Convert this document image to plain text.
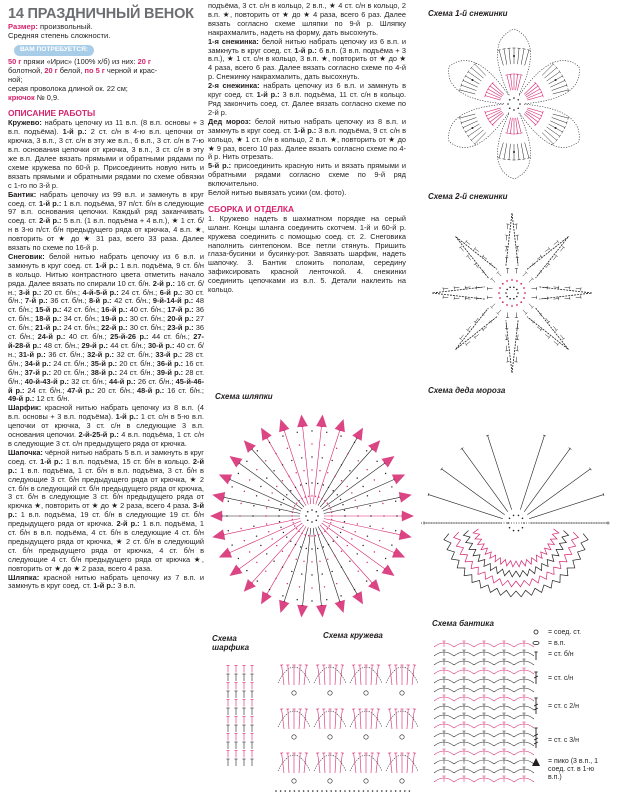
14 ПРАЗДНИЧНЫЙ ВЕНОК
Размер: произвольный.
Средняя степень сложности.
ВАМ ПОТРЕБУЕТСЯ:
50 г пряжи «Ирис» (100% х/б) из них: 20 г
болотной, 20 г белой, по 5 г черной и крас-
ной;
серая проволока длиной ок. 22 см;
крючок № 0,9.
ОПИСАНИЕ РАБОТЫ

Кружево: набрать цепочку из 11 в.п. (8 в.п. основы + 3 в.п. подъёма). 1-й р.: 2 ст. с/н в 4-ю в.п. цепочки от крючка, 3 в.п., 3 ст. с/н в эту же в.п., 6 в.п., 3 ст. с/н в 7-ю в.п. основания цепочки от крючка, 3 в.п., 3 ст. с/н в эту же в.п. Далее вязать прямыми и обратными рядами по схеме кружева по 60-й р. Присоединить новую нить и вязать прямыми и обратными рядами по схеме обвязки с 1-го по 3-й р.

Бантик: набрать цепочку из 99 в.п. и замкнуть в круг соед. ст. 1-й р.: 1 в.п. подъёма, 97 п/ст. б/н в следующие 97 в.п. основания цепочки. Каждый ряд заканчивать соед. ст. 2-й р.: 5 в.п. (1 в.п. подъёма + 4 в.п.), ★ 1 ст. б/н в 3-ю п/ст. б/н предыдущего ряда от крючка, 4 в.п. ★, повторить от ★ до ★ 31 раз, всего 33 раза. Далее вязать по схеме по 16-й р.

Снеговик: белой нитью набрать цепочку из 6 в.п. и замкнуть в круг соед. ст. 1-й р.: 1 в.п. подъёма, 9 ст. б/н в кольцо. Нитью контрастного цвета отметить начало ряда. Далее вязать по спирали 10 ст. б/н. 2-й р.: 16 ст. б/н.; 3-й р.: 20 ст. б/н.; 4-й-5-й р.: 24 ст. б/н.; 6-й р.: 30 ст. б/н.; 7-й р.: 36 ст. б/н.; 8-й р.: 42 ст. б/н.; 9-й-14-й р.: 48 ст. б/н.; 15-й р.: 42 ст. б/н.; 16-й р.: 40 ст. б/н.; 17-й р.: 36 ст. б/н.; 18-й р.: 34 ст. б/н.; 19-й р.: 30 ст. б/н.; 20-й р.: 27 ст. б/н.; 21-й р.: 24 ст. б/н.; 22-й р.: 30 ст. б/н.; 23-й р.: 36 ст. б/н.; 24-й р.: 40 ст. б/н.; 25-й-26 р.: 44 ст. б/н.; 27-й-28-й р.: 48 ст. б/н.; 29-й р.: 44 ст. б/н.; 30-й р.: 40 ст. б/н.; 31-й р.: 36 ст. б/н.; 32-й р.: 32 ст. б/н.; 33-й р.: 28 ст. б/н.; 34-й р.: 24 ст. б/н.; 35-й р.: 20 ст. б/н.; 36-й р.: 16 ст. б/н.; 37-й р.: 20 ст. б/н.; 38-й р.: 24 ст. б/н.; 39-й р.: 28 ст. б/н.; 40-й-43-й р.: 32 ст. б/н.; 44-й р.: 26 ст. б/н.; 45-й-46-й р.: 24 ст. б/н.; 47-й р.: 20 ст. б/н.; 48-й р.: 16 ст. б/н.; 49-й р.: 12 ст. б/н.

Шарфик: красной нитью набрать цепочку из 8 в.п. (4 в.п. основы + 3 в.п. подъёма). 1-й р.: 1 ст. с/н в 5-ю в.п. цепочки от крючка, 3 ст. с/н в следующие 3 в.п. основания цепочки. 2-й-25-й р.: 4 в.п. подъёма, 1 ст. с/н в следующие 3 ст. с/н предыдущего ряда от крючка.

Шапочка: чёрной нитью набрать 5 в.п. и замкнуть в круг соед. ст. 1-й р.: 1 в.п. подъёма, 15 ст. б/н в кольцо. 2-й р.: 1 в.п. подъёма, 1 ст. б/н в в.п. подъёма, 3 ст. б/н в следующие 3 ст. б/н предыдущего ряда от крючка, ★ 2 ст. б/н в следующий ст. б/н предыдущего ряда от крючка, 3 ст. б/н в следующие 3 ст. б/н предыдущего ряда от крючка ★, повторить от ★ до ★ 2 раза, всего 4 раза. 3-й р.: 1 в.п. подъёма, 19 ст. б/н в следующие 19 ст. б/н предыдущего ряда от крючка. 2-й р.: 1 в.п. подъёма, 1 ст. б/н в в.п. подъёма, 4 ст. б/н в следующие 4 ст. б/н предыдущего ряда от крючка, ★ 2 ст. б/н в следующий ст. б/н предыдущего ряда от крючка, 4 ст. б/н в следующие 4 ст. б/н предыдущего ряда от крючка ★, повторить от ★ до ★ 2 раза, всего 4 раза.

Шляпка: красной нитью набрать цепочку из 7 в.п. и замкнуть в круг соед. ст. 1-й р.: 3 в.п.

подъёма, 3 ст. с/н в кольцо, 2 в.п., ★ 4 ст. с/н в кольцо, 2 в.п. ★, повторить от ★ до ★ 4 раза, всего 6 раз. Далее вязать согласно схеме шляпки по 9-й р. Шляпку накрахмалить, надеть на форму, дать высохнуть.

1-я снежинка: белой нитью набрать цепочку из 6 в.п. и замкнуть в круг соед. ст. 1-й р.: 6 в.п. (3 в.п. подъёма + 3 в.п.), ★ 1 ст. с/н в кольцо, 3 в.п. ★, повторить от ★ до ★ 4 раза, всего 6 раз. Далее вязать согласно схеме по 4-й р. Снежинку накрахмалить, дать высохнуть.

2-я снежинка: набрать цепочку из 6 в.п. и замкнуть в круг соед. ст. 1-й р.: 3 в.п. подъёма, 11 ст. с/н в кольцо. Ряд закончить соед. ст. Далее вязать согласно схеме по 2-й р.

Дед мороз: белой нитью набрать цепочку из 8 в.п. и замкнуть в круг соед. ст. 1-й р.: 3 в.п. подъёма, 9 ст. с/н в кольцо, ★ 1 ст. с/н в кольцо, 2 в.п. ★, повторить от ★ до ★ 9 раз, всего 10 раз. Далее вязать согласно схеме по 4-й р. Нить отрезать.

5-й р.: присоединить красную нить и вязать прямыми и обратными рядами согласно схеме по 9-й ряд включительно.

Белой нитью вывязать усики (см. фото).

СБОРКА И ОТДЕЛКА

1. Кружево надеть в шахматном порядке на серый шланг. Концы шланга соединить скотчем. 1-й и 60-й р. кружева соединить с помощью соед. ст. 2. Снеговика наполнить синтепоном. Все петли стянуть. Пришить глаза-бусинки и бусинку-рот. Завязать шарфик, надеть шапочку. 3. Бантик сложить пополам, середину зафиксировать красной ленточкой. 4. снежинки соединить цепочками из в.п. 5. Детали наклеить на кольцо.

Схема 1-й снежинки
Схема 2-й снежинки
Схема деда мороза
Схема шляпки
Схема
шарфика
Схема кружева
Схема бантика
= соед. ст.
= в.п.
= ст. б/н
= ст. с/н
= ст. с 2/н
= ст. с 3/н
= пико (3 в.п., 1
соед. ст. в 1-ю
в.п.)
